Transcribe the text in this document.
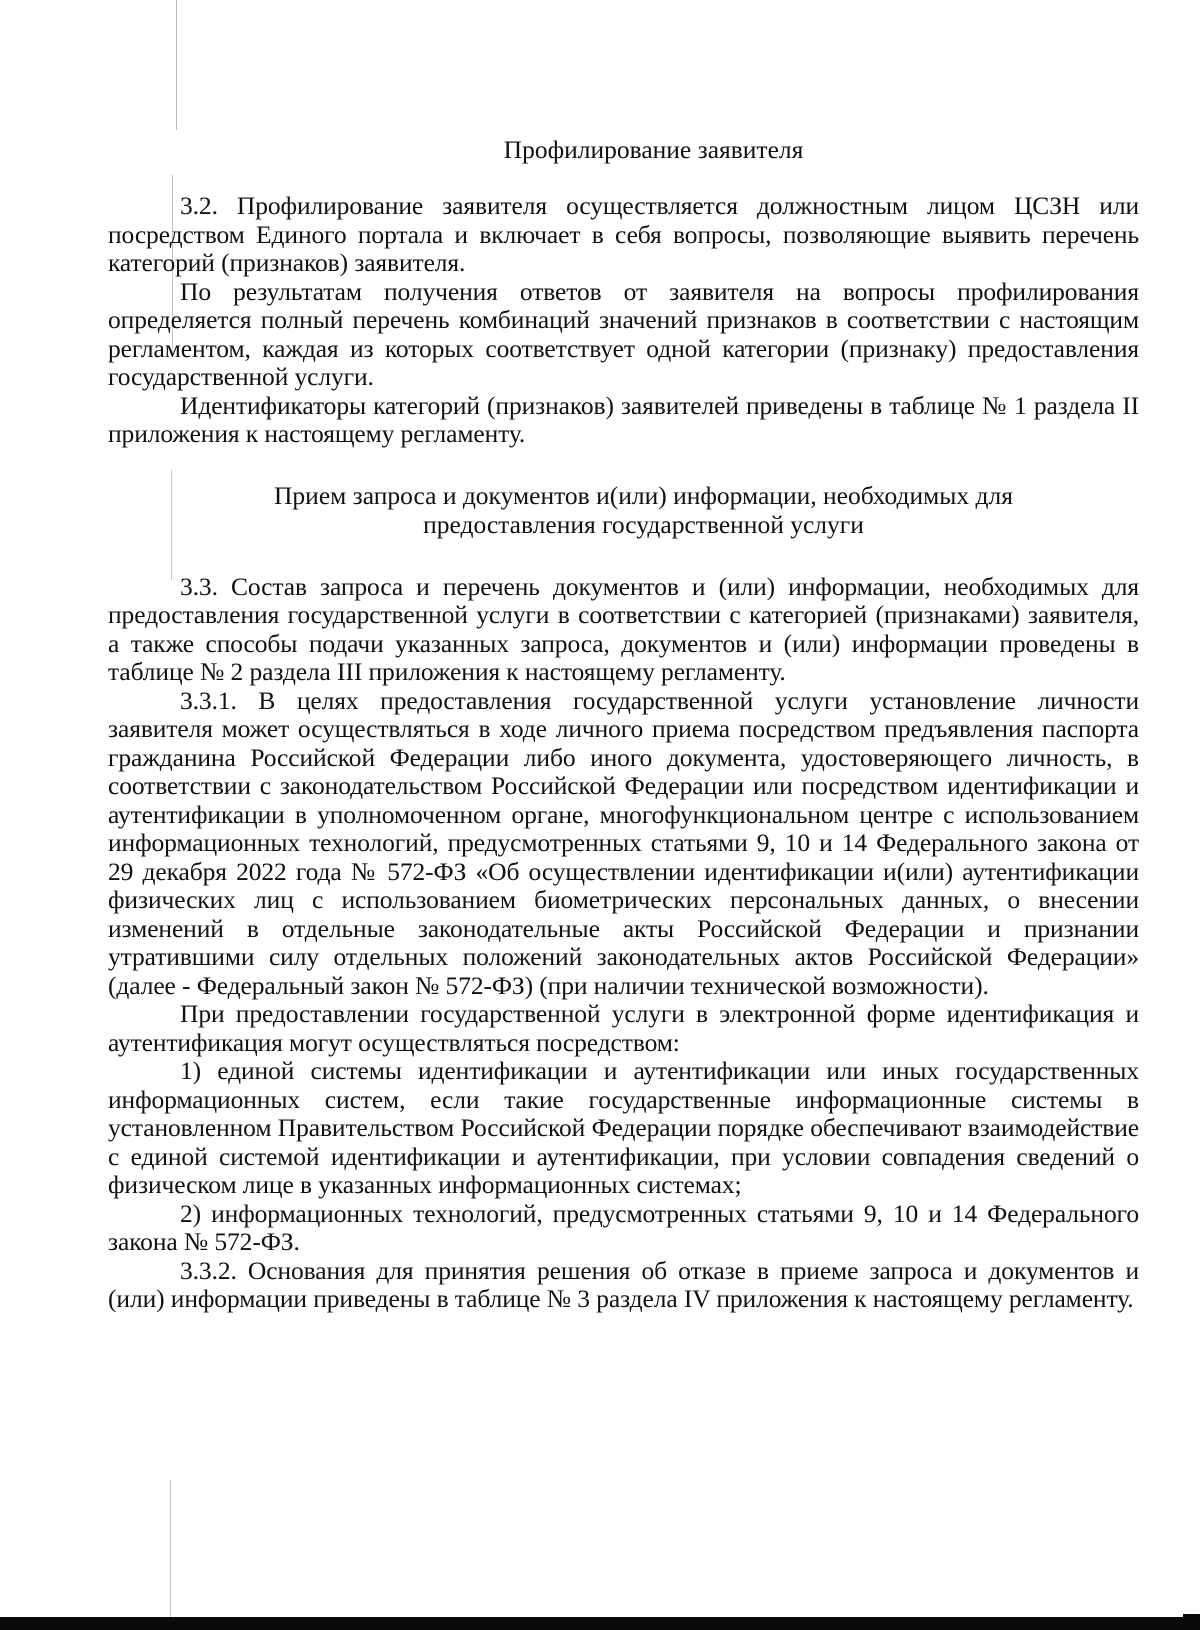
Профилирование заявителя

3.2. Профилирование заявителя осуществляется должностным лицом ЦСЗН или посредством Единого портала и включает в себя вопросы, позволяющие выявить перечень категорий (признаков) заявителя.

По результатам получения ответов от заявителя на вопросы профилирования определяется полный перечень комбинаций значений признаков в соответствии с настоящим регламентом, каждая из которых соответствует одной категории (признаку) предоставления государственной услуги.

Идентификаторы категорий (признаков) заявителей приведены в таблице № 1 раздела II приложения к настоящему регламенту.

Прием запроса и документов и(или) информации, необходимых для
предоставления государственной услуги

3.3. Состав запроса и перечень документов и (или) информации, необходимых для предоставления государственной услуги в соответствии с категорией (признаками) заявителя, а также способы подачи указанных запроса, документов и (или) информации проведены в таблице № 2 раздела III приложения к настоящему регламенту.

3.3.1. В целях предоставления государственной услуги установление личности заявителя может осуществляться в ходе личного приема посредством предъявления паспорта гражданина Российской Федерации либо иного документа, удостоверяющего личность, в соответствии с законодательством Российской Федерации или посредством идентификации и аутентификации в уполномоченном органе, многофункциональном центре с использованием информационных технологий, предусмотренных статьями 9, 10 и 14 Федерального закона от 29 декабря 2022 года № 572-ФЗ «Об осуществлении идентификации и(или) аутентификации физических лиц с использованием биометрических персональных данных, о внесении изменений в отдельные законодательные акты Российской Федерации и признании утратившими силу отдельных положений законодательных актов Российской Федерации» (далее - Федеральный закон № 572-ФЗ) (при наличии технической возможности).

При предоставлении государственной услуги в электронной форме идентификация и аутентификация могут осуществляться посредством:

1) единой системы идентификации и аутентификации или иных государственных информационных систем, если такие государственные информационные системы в установленном Правительством Российской Федерации порядке обеспечивают взаимодействие с единой системой идентификации и аутентификации, при условии совпадения сведений о физическом лице в указанных информационных системах;

2) информационных технологий, предусмотренных статьями 9, 10 и 14 Федерального закона № 572-ФЗ.

3.3.2. Основания для принятия решения об отказе в приеме запроса и документов и (или) информации приведены в таблице № 3 раздела IV приложения к настоящему регламенту.
